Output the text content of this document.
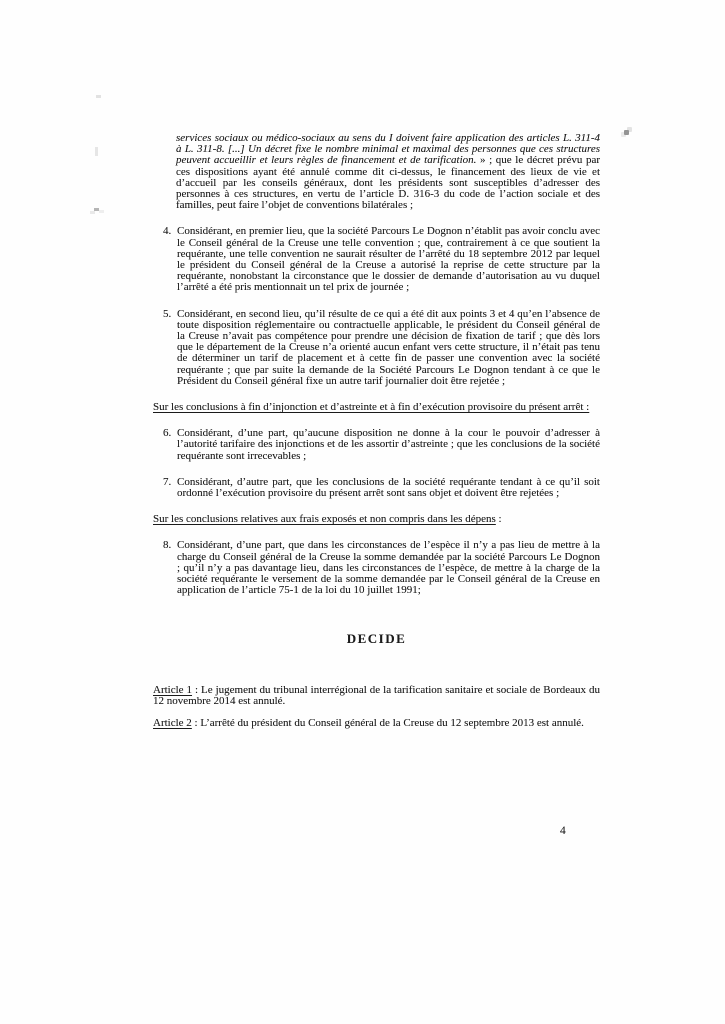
services sociaux ou médico-sociaux au sens du I doivent faire application des articles L. 311-4 à L. 311-8. [...] Un décret fixe le nombre minimal et maximal des personnes que ces structures peuvent accueillir et leurs règles de financement et de tarification. » ; que le décret prévu par ces dispositions ayant été annulé comme dit ci-dessus, le financement des lieux de vie et d’accueil par les conseils généraux, dont les présidents sont susceptibles d’adresser des personnes à ces structures, en vertu de l’article D. 316-3 du code de l’action sociale et des familles, peut faire l’objet de conventions bilatérales ;

4. Considérant, en premier lieu, que la société Parcours Le Dognon n’établit pas avoir conclu avec le Conseil général de la Creuse une telle convention ; que, contrairement à ce que soutient la requérante, une telle convention ne saurait résulter de l’arrêté du 18 septembre 2012 par lequel le président du Conseil général de la Creuse a autorisé la reprise de cette structure par la requérante, nonobstant la circonstance que le dossier de demande d’autorisation au vu duquel l’arrêté a été pris mentionnait un tel prix de journée ;

5. Considérant, en second lieu, qu’il résulte de ce qui a été dit aux points 3 et 4 qu’en l’absence de toute disposition réglementaire ou contractuelle applicable, le président du Conseil général de la Creuse n’avait pas compétence pour prendre une décision de fixation de tarif ; que dès lors que le département de la Creuse n’a orienté aucun enfant vers cette structure, il n’était pas tenu de déterminer un tarif de placement et à cette fin de passer une convention avec la société requérante ; que par suite la demande de la Société Parcours Le Dognon tendant à ce que le Président du Conseil général fixe un autre tarif journalier doit être rejetée ;

Sur les conclusions à fin d’injonction et d’astreinte et à fin d’exécution provisoire du présent arrêt :

6. Considérant, d’une part, qu’aucune disposition ne donne à la cour le pouvoir d’adresser à l’autorité tarifaire des injonctions et de les assortir d’astreinte ; que les conclusions de la société requérante sont irrecevables ;

7. Considérant, d’autre part, que les conclusions de la société requérante tendant à ce qu’il soit ordonné l’exécution provisoire du présent arrêt sont sans objet et doivent être rejetées ;

Sur les conclusions relatives aux frais exposés et non compris dans les dépens :

8. Considérant, d’une part, que dans les circonstances de l’espèce il n’y a pas lieu de mettre à la charge du Conseil général de la Creuse la somme demandée par la société Parcours Le Dognon ; qu’il n’y a pas davantage lieu, dans les circonstances de l’espèce, de mettre à la charge de la société requérante le versement de la somme demandée par le Conseil général de la Creuse en application de l’article 75-1 de la loi du 10 juillet 1991;

DECIDE

Article 1 : Le jugement du tribunal interrégional de la tarification sanitaire et sociale de Bordeaux du 12 novembre 2014 est annulé.

Article 2 : L’arrêté du président du Conseil général de la Creuse du 12 septembre 2013 est annulé.

4
